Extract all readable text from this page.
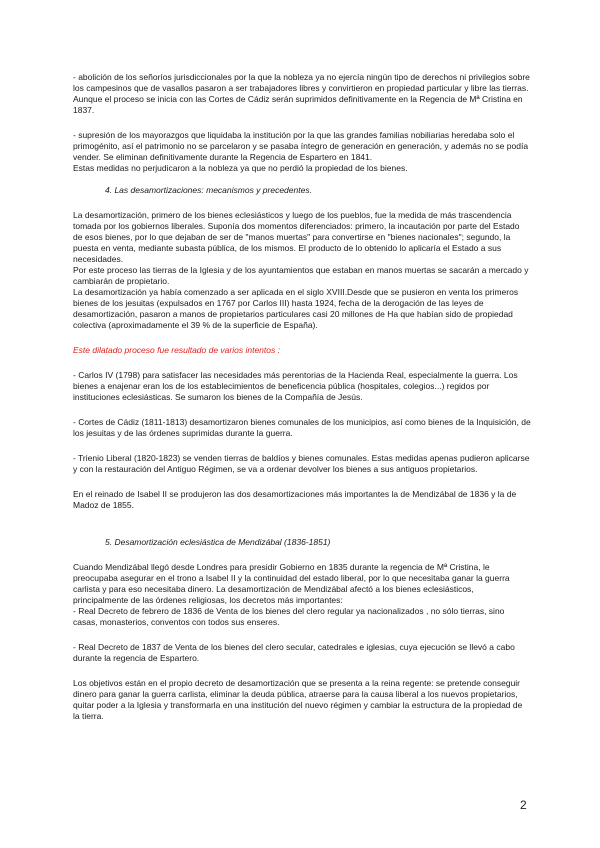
- abolición de los señoríos jurisdiccionales por la que la nobleza ya no ejercía ningún tipo de derechos ni privilegios sobre los campesinos que de vasallos pasaron a ser trabajadores libres y convirtieron en propiedad particular y libre las tierras. Aunque el proceso se inicia con las Cortes de Cádiz serán suprimidos definitivamente en la Regencia de Mª Cristina en 1837.

- supresión de los mayorazgos que liquidaba la institución por la que las grandes familias nobiliarias heredaba solo el primogénito, así el patrimonio no se parcelaron y se pasaba íntegro de generación en generación, y además no se podía vender. Se eliminan definitivamente durante la Regencia de Espartero en 1841.

Estas medidas no perjudicaron a la nobleza ya que no perdió la propiedad de los bienes.

4. Las desamortizaciones: mecanismos y precedentes.

La desamortización, primero de los bienes eclesiásticos y luego de los pueblos, fue la medida de más trascendencia tomada por los gobiernos liberales. Suponía dos momentos diferenciados: primero, la incautación por parte del Estado de esos bienes, por lo que dejaban de ser de "manos muertas" para convertirse en "bienes nacionales"; segundo, la puesta en venta, mediante subasta pública, de los mismos. El producto de lo obtenido lo aplicaría el Estado a sus necesidades.

Por este proceso las tierras de la Iglesia y de los ayuntamientos que estaban en manos muertas se sacarán a mercado y cambiarán de propietario.

La desamortización ya había comenzado a ser aplicada en el siglo XVIII.Desde que se pusieron en venta los primeros bienes de los jesuitas (expulsados en 1767 por Carlos III) hasta 1924, fecha de la derogación de las leyes de desamortización, pasaron a manos de propietarios particulares casi 20 millones de Ha que habían sido de propiedad colectiva (aproximadamente el 39 % de la superficie de España).

Este dilatado proceso fue resultado de varios intentos :

- Carlos IV (1798) para satisfacer las necesidades más perentorias de la Hacienda Real, especialmente la guerra. Los bienes a enajenar eran los de los establecimientos de beneficencia pública (hospitales, colegios...) regidos por instituciones eclesiásticas. Se sumaron los bienes de la Compañía de Jesús.

- Cortes de Cádiz (1811-1813) desamortizaron bienes comunales de los municipios, así como bienes de la Inquisición, de los jesuitas y de las órdenes suprimidas durante la guerra.

- Trienio Liberal (1820-1823) se venden tierras de baldíos y bienes comunales. Estas medidas apenas pudieron aplicarse y con la restauración del Antiguo Régimen, se va a ordenar devolver los bienes a sus antiguos propietarios.

En el reinado de Isabel II se produjeron las dos desamortizaciones más importantes la de Mendizábal de 1836 y la de Madoz de 1855.

5. Desamortización eclesiástica de Mendizábal (1836-1851)

Cuando Mendizábal llegó desde Londres para presidir Gobierno en 1835 durante la regencia de Mª Cristina, le preocupaba asegurar en el trono a Isabel II y la continuidad del estado liberal, por lo que necesitaba ganar la guerra carlista y para eso necesitaba dinero. La desamortización de Mendizábal afectó a los bienes eclesiásticos, principalmente de las órdenes religiosas, los decretos más importantes:

- Real Decreto de febrero de 1836 de Venta de los bienes del clero regular ya nacionalizados , no sólo tierras, sino casas, monasterios, conventos con todos sus enseres.

- Real Decreto de 1837 de Venta de los bienes del clero secular, catedrales e iglesias, cuya ejecución se llevó a cabo durante la regencia de Espartero.

Los objetivos están en el propio decreto de desamortización que se presenta a la reina regente: se pretende conseguir dinero para ganar la guerra carlista, eliminar la deuda pública, atraerse para la causa liberal a los nuevos propietarios, quitar poder a la Iglesia y transformarla en una institución del nuevo régimen y cambiar la estructura de la propiedad de la tierra.

2
